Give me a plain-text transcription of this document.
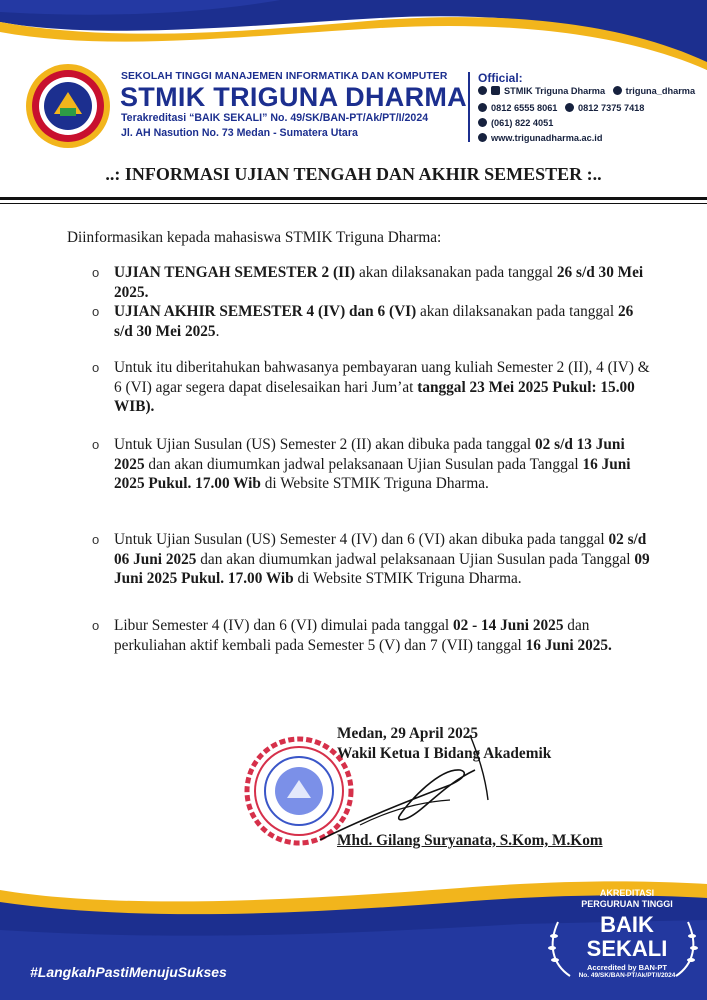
SEKOLAH TINGGI MANAJEMEN INFORMATIKA DAN KOMPUTER
STMIK TRIGUNA DHARMA
Terakreditasi “BAIK SEKALI” No. 49/SK/BAN-PT/Ak/PT/I/2024
Jl. AH Nasution No. 73 Medan - Sumatera Utara
Official:
STMIK Triguna Dharma triguna_dharma
0812 6555 8061 0812 7375 7418
(061) 822 4051
www.trigunadharma.ac.id
..: INFORMASI UJIAN TENGAH DAN AKHIR SEMESTER :..
Diinformasikan kepada mahasiswa STMIK Triguna Dharma:
o UJIAN TENGAH SEMESTER 2 (II) akan dilaksanakan pada tanggal 26 s/d 30 Mei 2025.

o UJIAN AKHIR SEMESTER 4 (IV) dan 6 (VI) akan dilaksanakan pada tanggal 26 s/d 30 Mei 2025.

o Untuk itu diberitahukan bahwasanya pembayaran uang kuliah Semester 2 (II), 4 (IV) & 6 (VI) agar segera dapat diselesaikan hari Jum’at tanggal 23 Mei 2025 Pukul: 15.00 WIB).

o Untuk Ujian Susulan (US) Semester 2 (II) akan dibuka pada tanggal 02 s/d 13 Juni 2025 dan akan diumumkan jadwal pelaksanaan Ujian Susulan pada Tanggal 16 Juni 2025 Pukul. 17.00 Wib di Website STMIK Triguna Dharma.

o Untuk Ujian Susulan (US) Semester 4 (IV) dan 6 (VI) akan dibuka pada tanggal 02 s/d 06 Juni 2025 dan akan diumumkan jadwal pelaksanaan Ujian Susulan pada Tanggal 09 Juni 2025 Pukul. 17.00 Wib di Website STMIK Triguna Dharma.

o Libur Semester 4 (IV) dan 6 (VI) dimulai pada tanggal 02 - 14 Juni 2025 dan perkuliahan aktif kembali pada Semester 5 (V) dan 7 (VII) tanggal 16 Juni 2025.

Medan, 29 April 2025
Wakil Ketua I Bidang Akademik
Mhd. Gilang Suryanata, S.Kom, M.Kom
#LangkahPastiMenujuSukses
AKREDITASI
PERGURUAN TINGGI
BAIK
SEKALI
Accredited by BAN-PT
No. 49/SK/BAN-PT/Ak/PT/I/2024
